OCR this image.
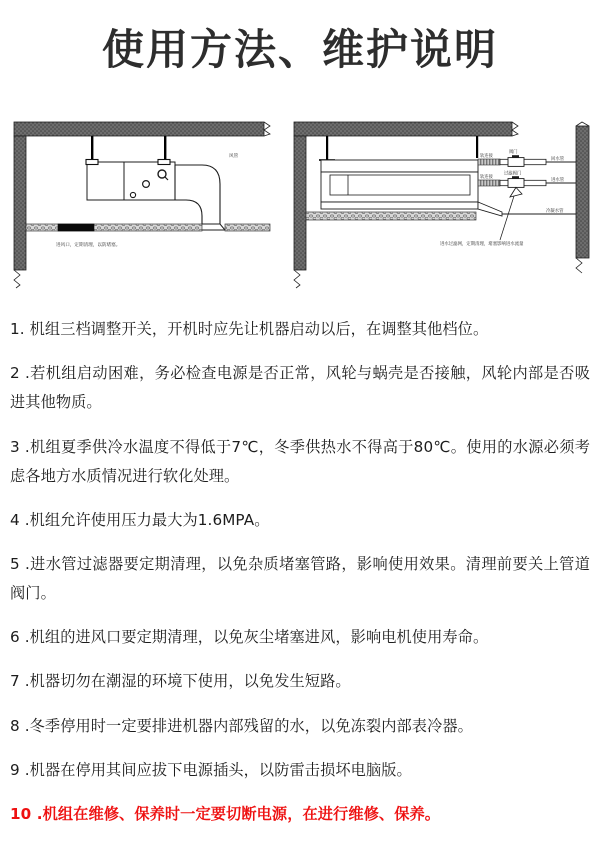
使用方法、维护说明
风管
进风口，定期清理，以防堵塞。
软连接
软连接
阀门
过滤阀门
回水管
进水管
冷凝水管
进水过滤网，定期清理，堵塞影响进水流量

1. 机组三档调整开关，开机时应先让机器启动以后，在调整其他档位。

2 .若机组启动困难，务必检查电源是否正常，风轮与蜗壳是否接触，风轮内部是否吸进其他物质。

3 .机组夏季供冷水温度不得低于7℃，冬季供热水不得高于80℃。使用的水源必须考虑各地方水质情况进行软化处理。

4 .机组允许使用压力最大为1.6MPA。

5 .进水管过滤器要定期清理，以免杂质堵塞管路，影响使用效果。清理前要关上管道阀门。

6 .机组的进风口要定期清理，以免灰尘堵塞进风，影响电机使用寿命。

7 .机器切勿在潮湿的环境下使用，以免发生短路。

8 .冬季停用时一定要排进机器内部残留的水，以免冻裂内部表冷器。

9 .机器在停用其间应拔下电源插头，以防雷击损坏电脑版。

10 .机组在维修、保养时一定要切断电源，在进行维修、保养。
